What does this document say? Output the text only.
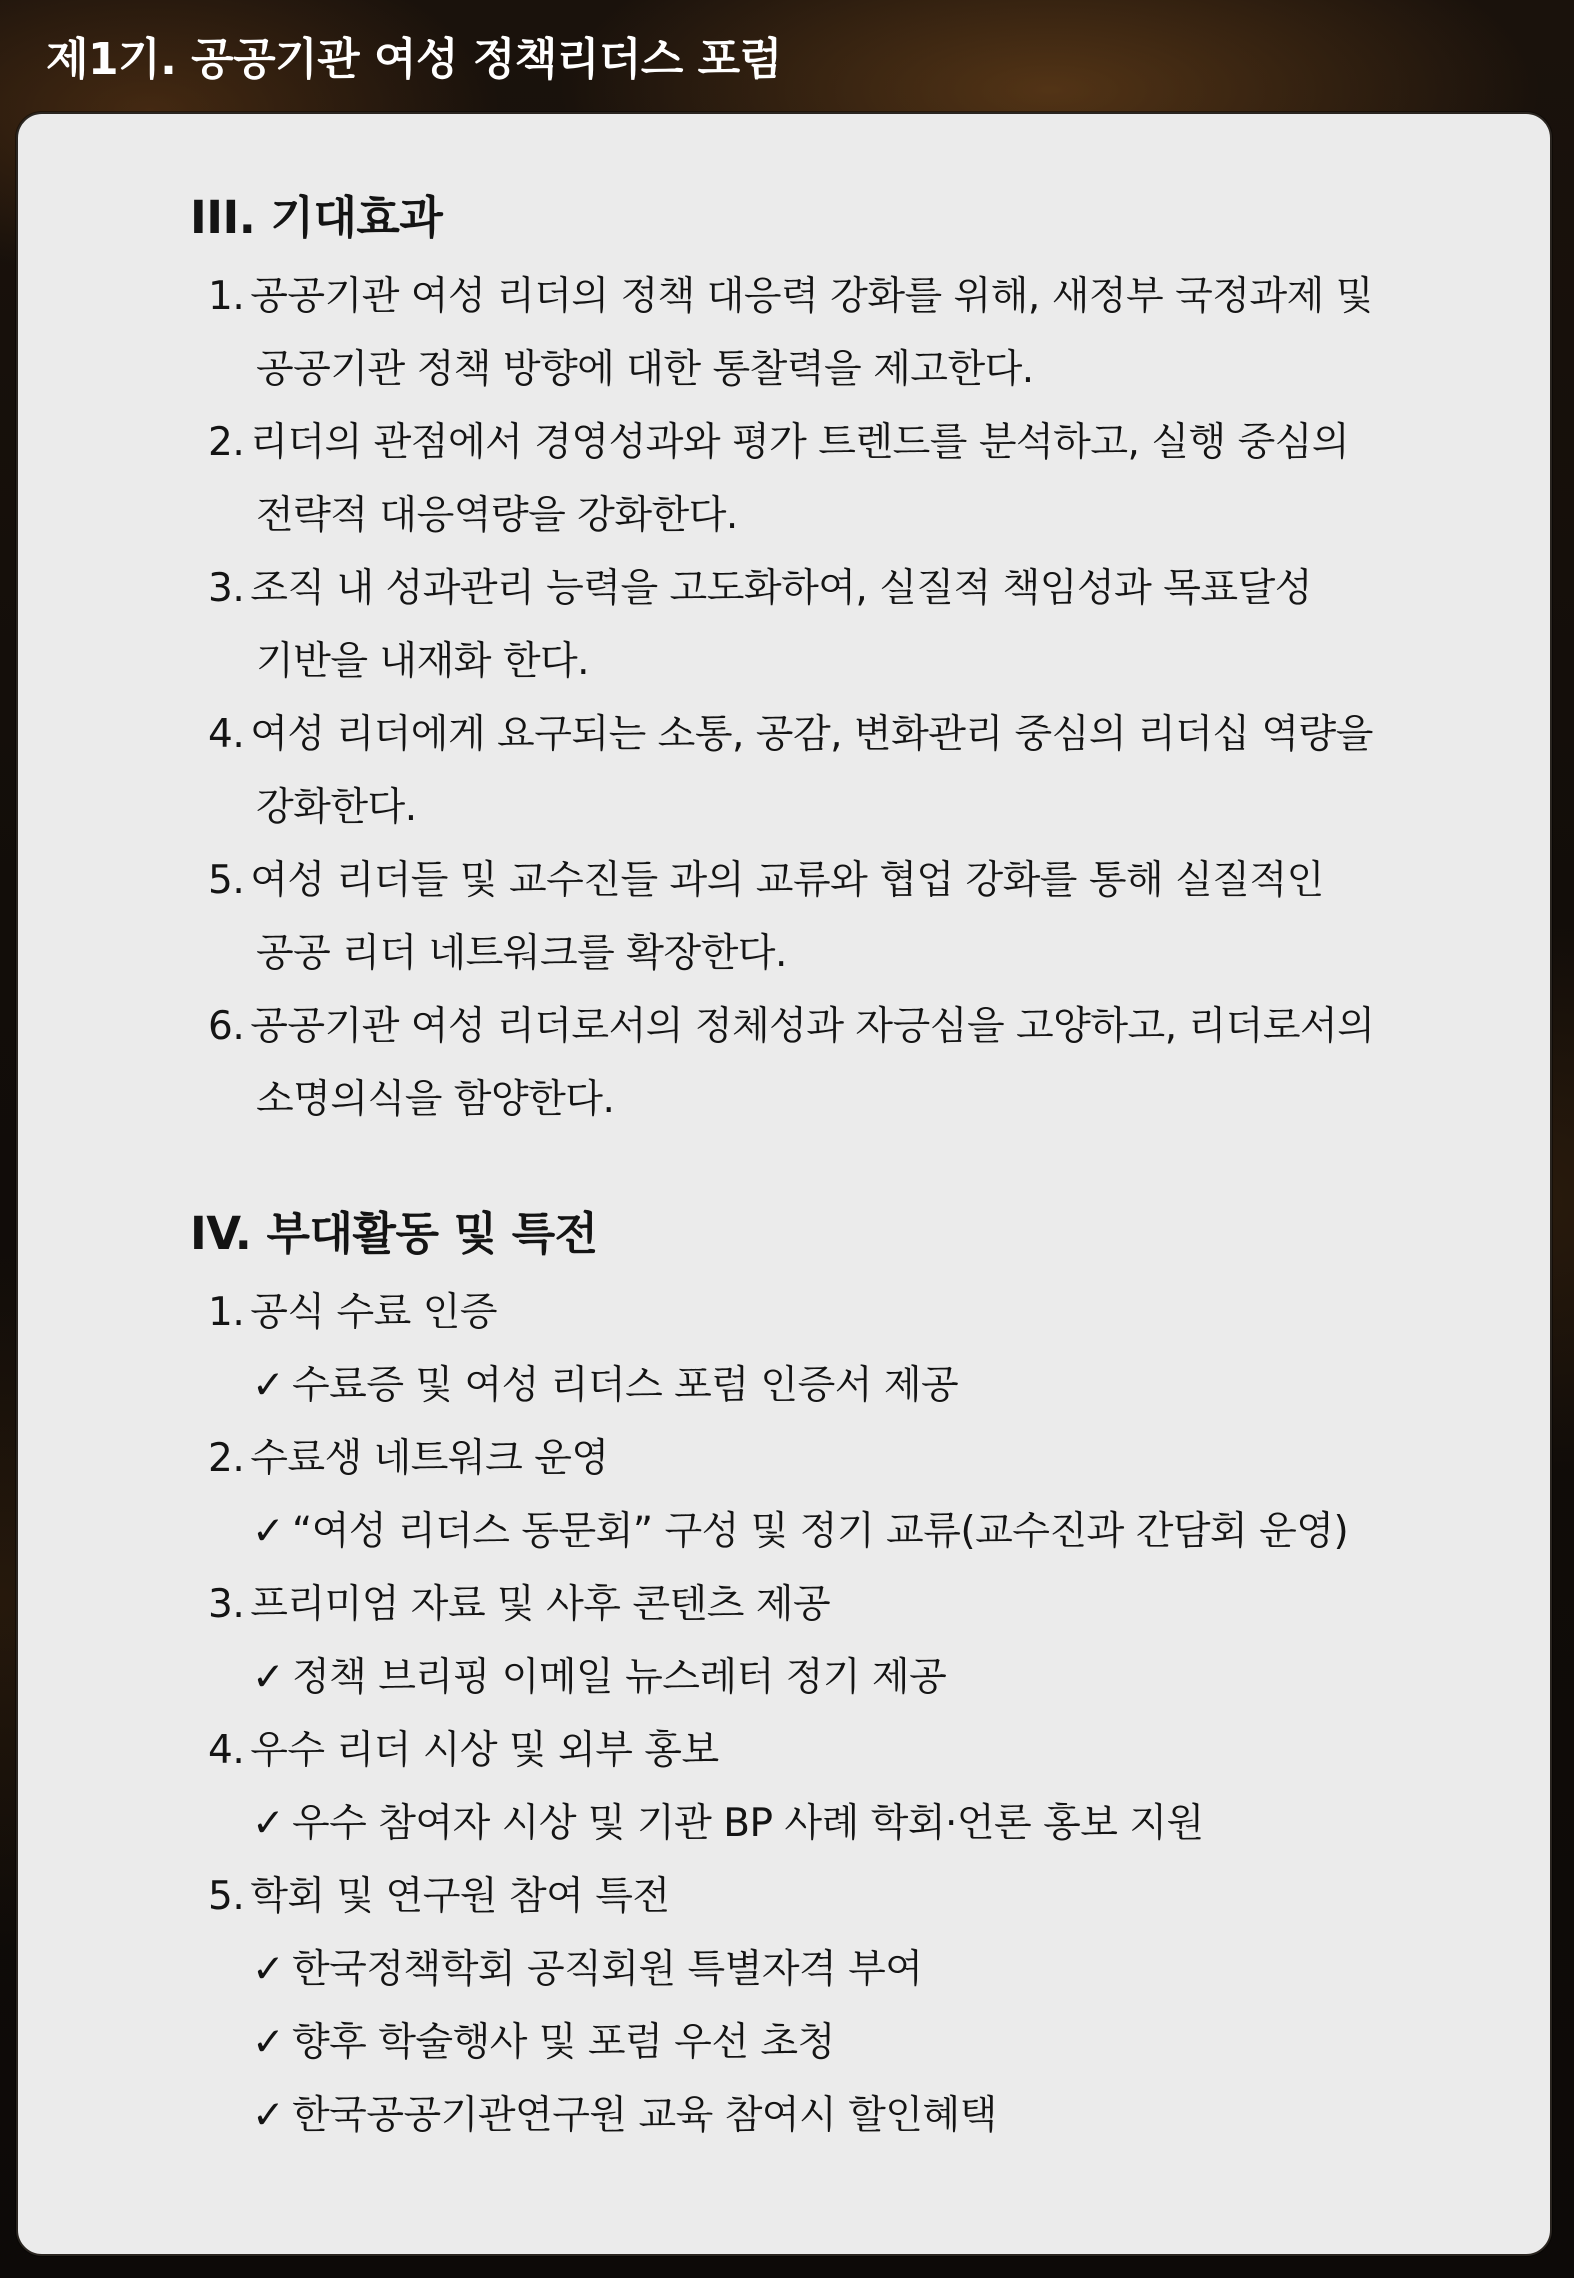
제1기. 공공기관 여성 정책리더스 포럼
III. 기대효과
1. 공공기관 여성 리더의 정책 대응력 강화를 위해, 새정부 국정과제 및
공공기관 정책 방향에 대한 통찰력을 제고한다.
2. 리더의 관점에서 경영성과와 평가 트렌드를 분석하고, 실행 중심의
전략적 대응역량을 강화한다.
3. 조직 내 성과관리 능력을 고도화하여, 실질적 책임성과 목표달성
기반을 내재화 한다.
4. 여성 리더에게 요구되는 소통, 공감, 변화관리 중심의 리더십 역량을
강화한다.
5. 여성 리더들 및 교수진들 과의 교류와 협업 강화를 통해 실질적인
공공 리더 네트워크를 확장한다.
6. 공공기관 여성 리더로서의 정체성과 자긍심을 고양하고, 리더로서의
소명의식을 함양한다.
IV. 부대활동 및 특전
1. 공식 수료 인증
✓ 수료증 및 여성 리더스 포럼 인증서 제공
2. 수료생 네트워크 운영
✓ “여성 리더스 동문회” 구성 및 정기 교류(교수진과 간담회 운영)
3. 프리미엄 자료 및 사후 콘텐츠 제공
✓ 정책 브리핑 이메일 뉴스레터 정기 제공
4. 우수 리더 시상 및 외부 홍보
✓ 우수 참여자 시상 및 기관 BP 사례 학회·언론 홍보 지원
5. 학회 및 연구원 참여 특전
✓ 한국정책학회 공직회원 특별자격 부여
✓ 향후 학술행사 및 포럼 우선 초청
✓ 한국공공기관연구원 교육 참여시 할인혜택
